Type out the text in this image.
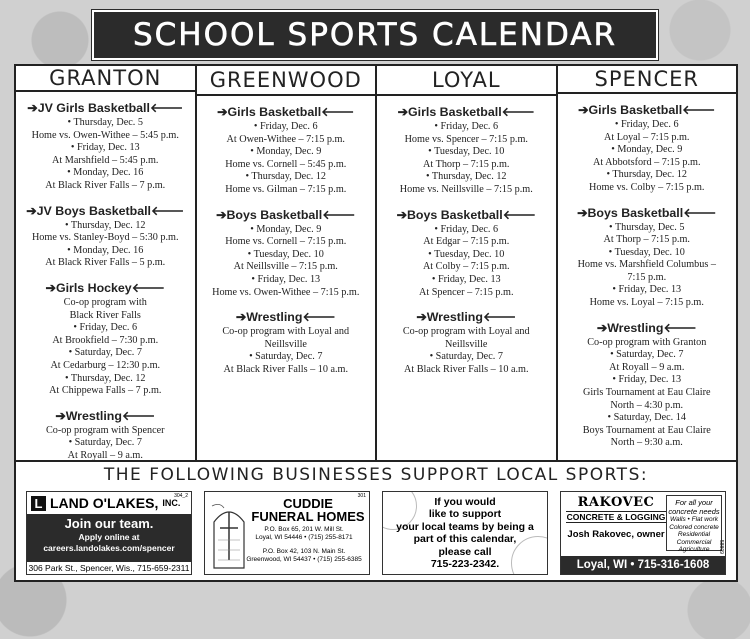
SCHOOL SPORTS CALENDAR
GRANTON
➔JV Girls Basketball🡐
• Thursday, Dec. 5
Home vs. Owen-Withee – 5:45 p.m.
• Friday, Dec. 13
At Marshfield – 5:45 p.m.
• Monday, Dec. 16
At Black River Falls – 7 p.m.
➔JV Boys Basketball🡐
• Thursday, Dec. 12
Home vs. Stanley-Boyd – 5:30 p.m.
• Monday, Dec. 16
At Black River Falls – 5 p.m.
➔Girls Hockey🡐
Co-op program with
Black River Falls
• Friday, Dec. 6
At Brookfield – 7:30 p.m.
• Saturday, Dec. 7
At Cedarburg – 12:30 p.m.
• Thursday, Dec. 12
At Chippewa Falls – 7 p.m.
➔Wrestling🡐
Co-op program with Spencer
• Saturday, Dec. 7
At Royall – 9 a.m.
GREENWOOD
➔Girls Basketball🡐
• Friday, Dec. 6
At Owen-Withee – 7:15 p.m.
• Monday, Dec. 9
Home vs. Cornell – 5:45 p.m.
• Thursday, Dec. 12
Home vs. Gilman – 7:15 p.m.
➔Boys Basketball🡐
• Monday, Dec. 9
Home vs. Cornell – 7:15 p.m.
• Tuesday, Dec. 10
At Neillsville – 7:15 p.m.
• Friday, Dec. 13
Home vs. Owen-Withee – 7:15 p.m.
➔Wrestling🡐
Co-op program with Loyal and
Neillsville
• Saturday, Dec. 7
At Black River Falls – 10 a.m.
LOYAL
➔Girls Basketball🡐
• Friday, Dec. 6
Home vs. Spencer – 7:15 p.m.
• Tuesday, Dec. 10
At Thorp – 7:15 p.m.
• Thursday, Dec. 12
Home vs. Neillsville – 7:15 p.m.
➔Boys Basketball🡐
• Friday, Dec. 6
At Edgar – 7:15 p.m.
• Tuesday, Dec. 10
At Colby – 7:15 p.m.
• Friday, Dec. 13
At Spencer – 7:15 p.m.
➔Wrestling🡐
Co-op program with Loyal and
Neillsville
• Saturday, Dec. 7
At Black River Falls – 10 a.m.
SPENCER
➔Girls Basketball🡐
• Friday, Dec. 6
At Loyal – 7:15 p.m.
• Monday, Dec. 9
At Abbotsford – 7:15 p.m.
• Thursday, Dec. 12
Home vs. Colby – 7:15 p.m.
➔Boys Basketball🡐
• Thursday, Dec. 5
At Thorp – 7:15 p.m.
• Tuesday, Dec. 10
Home vs. Marshfield Columbus –
7:15 p.m.
• Friday, Dec. 13
Home vs. Loyal – 7:15 p.m.
➔Wrestling🡐
Co-op program with Granton
• Saturday, Dec. 7
At Royall – 9 a.m.
• Friday, Dec. 13
Girls Tournament at Eau Claire
North – 4:30 p.m.
• Saturday, Dec. 14
Boys Tournament at Eau Claire
North – 9:30 a.m.
THE FOLLOWING BUSINESSES SUPPORT LOCAL SPORTS:
304_2
L LAND O'LAKES, INC.
Join our team.
Apply online at
careers.landolakes.com/spencer
306 Park St., Spencer, Wis., 715-659-2311
301
CUDDIE
FUNERAL HOMES
P.O. Box 65, 201 W. Mill St.
Loyal, WI 54446 • (715) 255-8171
P.O. Box 42, 103 N. Main St.
Greenwood, WI 54437 • (715) 255-6385
If you would
like to support
your local teams by being a
part of this calendar,
please call
715-223-2342.
RAKOVEC
CONCRETE & LOGGING
Josh Rakovec, owner
For all your
concrete needs
Walls • Flat work
Colored concrete
Residential
Commercial
Agriculture	58899
Loyal, WI • 715-316-1608
